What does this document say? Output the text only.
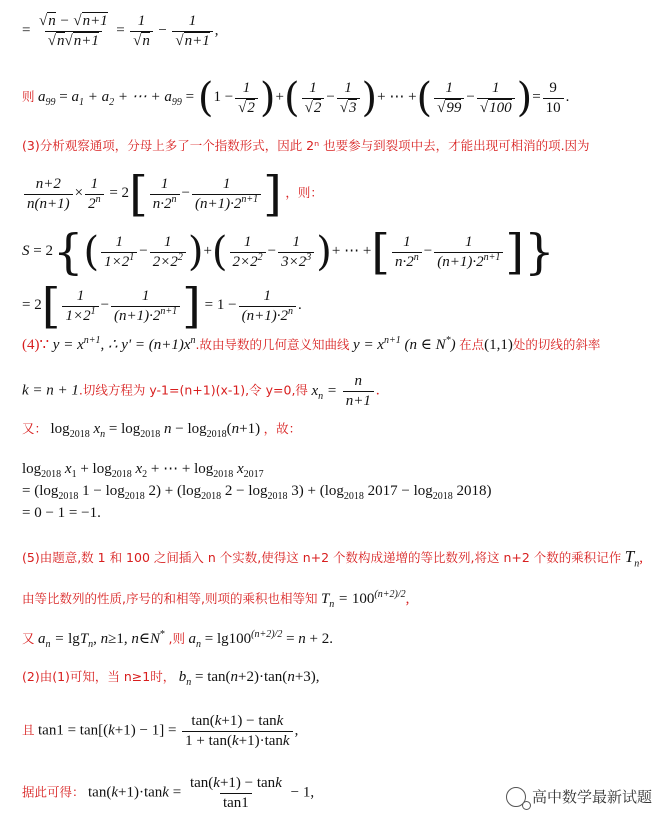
= √ n − √ n+1
√ n √ n+1 = 1
√ n − 1
√ n+1 ,
则 $a_{99} = a_1 + a_2$ + ⋯ + $a_{99} = (1 - 1$
√ 2 )+( 1
√ 2 − 1
√ 3 )+ ⋯ +( 1
√ 99 − 1
√ 100 )= $\frac{9}{10}$ .
(3)分析观察通项，分母上多了一个指数形式，因此 2ⁿ 也要参与到裂项中去，才能出现可相消的项.因为
$\frac{n+2}{n(n+1)} \times \frac{1}{2^n} = 2[ \frac{1}{n\cdot 2^n} - \frac{1}{(n+1)\cdot 2^{n+1}}$ ] ，则：
$S = 2\{( \frac{1}{1\times 2^1} - \frac{1}{2\times 2^2}$ )+( $\frac{1}{2\times 2^2} - \frac{1}{3\times 2^3}$ )+ ⋯ +[ $\frac{1}{n\cdot 2^n} - \frac{1}{(n+1)\cdot 2^{n+1}}$ ]}
= $2[ \frac{1}{1\times 2^1} - \frac{1}{(n+1)\cdot 2^{n+1}}$ ] = $1 - \frac{1}{(n+1)\cdot 2^n}$ .
(4)∵ $y = x^{n+1}$, ∴ $y' = (n+1)x^n$.故由导数的几何意义知曲线 $y = x^{n+1}$ (n ∈ N*) 在点(1,1)处的切线的斜率
k = n + 1.切线方程为 y-1=(n+1)(x-1),令 y=0,得 $x_n = \frac{n}{n+1}$ .
又： $\log_{2018} x_n = \log_{2018} n - \log_{2018}(n+1)$ ，故：
$\log_{2018} x_1 + \log_{2018} x_2$ + ⋯ + $\log_{2018} x_{2017}$
= ($\log_{2018}$ $1 - \log_{2018} 2) + (\log_{2018}$ $2 - \log_{2018} 3) + (\log_{2018}$ $2017 - \log_{2018} 2018$)
= 0 − 1 = −1.
(5)由题意,数 1 和 100 之间插入 n 个实数,使得这 n+2 个数构成递增的等比数列,将这 n+2 个数的乘积记作 $T_n$,
由等比数列的性质,序号的和相等,则项的乘积也相等知 $T_n = 100^{(n+2)/2}$,
又 $a_n = \lg T_n$, n≥1, n∈N* ,则 $a_n = \lg 100^{(n+2)/2} = n + 2$.
(2)由(1)可知，当 n≥1时， $b_n = \tan(n+2)\cdot\tan(n+3)$,
且 $\tan 1 = \tan[(k+1) - 1] = \frac{\tan(k+1) - \tan k}{1 + \tan(k+1)\cdot\tan k}$ ,
据此可得： $\tan(k+1)\cdot\tan k = \frac{\tan(k+1) - \tan k}{\tan 1} - 1$,	高中数学最新试题
